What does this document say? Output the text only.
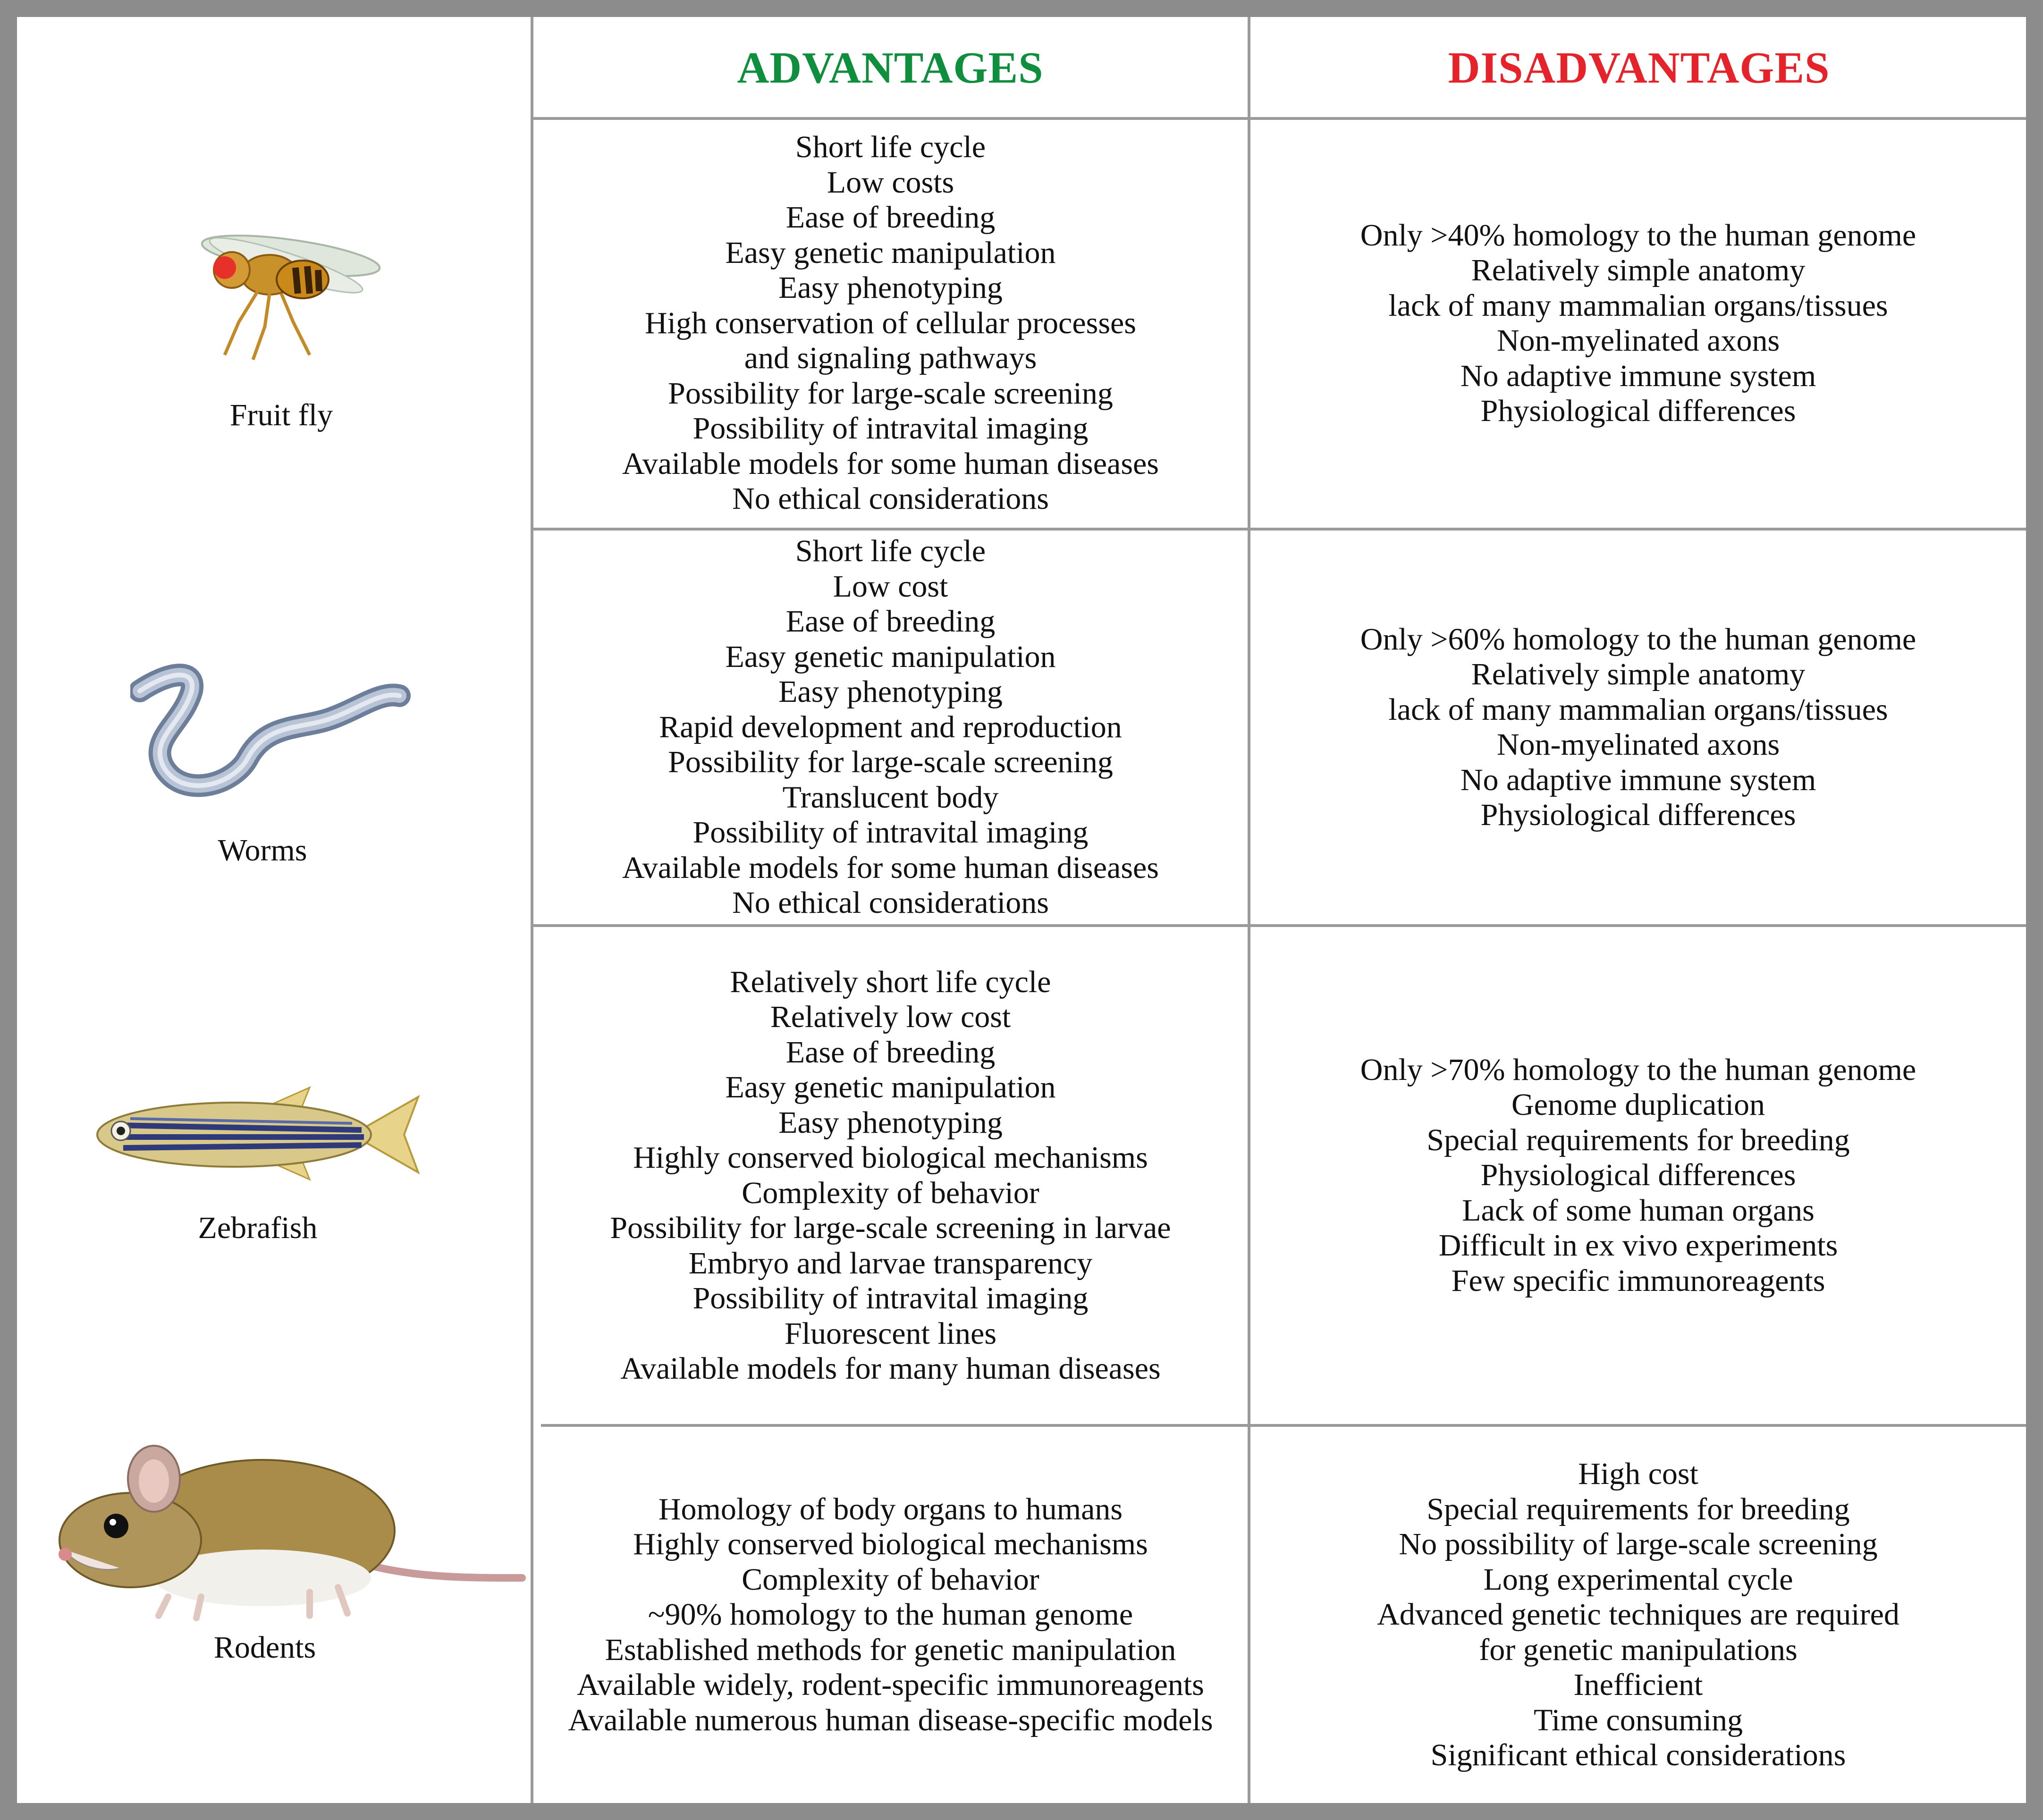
ADVANTAGES	DISADVANTAGES
Fruit fly
Short life cycle
Low costs
Ease of breeding
Easy genetic manipulation
Easy phenotyping
High conservation of cellular processes
and signaling pathways
Possibility for large-scale screening
Possibility of intravital imaging
Available models for some human diseases
No ethical considerations
Only >40% homology to the human genome
Relatively simple anatomy
lack of many mammalian organs/tissues
Non-myelinated axons
No adaptive immune system
Physiological differences
Worms
Short life cycle
Low cost
Ease of breeding
Easy genetic manipulation
Easy phenotyping
Rapid development and reproduction
Possibility for large-scale screening
Translucent body
Possibility of intravital imaging
Available models for some human diseases
No ethical considerations
Only >60% homology to the human genome
Relatively simple anatomy
lack of many mammalian organs/tissues
Non-myelinated axons
No adaptive immune system
Physiological differences
Zebrafish
Relatively short life cycle
Relatively low cost
Ease of breeding
Easy genetic manipulation
Easy phenotyping
Highly conserved biological mechanisms
Complexity of behavior
Possibility for large-scale screening in larvae
Embryo and larvae transparency
Possibility of intravital imaging
Fluorescent lines
Available models for many human diseases
Only >70% homology to the human genome
Genome duplication
Special requirements for breeding
Physiological differences
Lack of some human organs
Difficult in ex vivo experiments
Few specific immunoreagents
Rodents
Homology of body organs to humans
Highly conserved biological mechanisms
Complexity of behavior
~90% homology to the human genome
Established methods for genetic manipulation
Available widely, rodent-specific immunoreagents
Available numerous human disease-specific models
High cost
Special requirements for breeding
No possibility of large-scale screening
Long experimental cycle
Advanced genetic techniques are required
for genetic manipulations
Inefficient
Time consuming
Significant ethical considerations
